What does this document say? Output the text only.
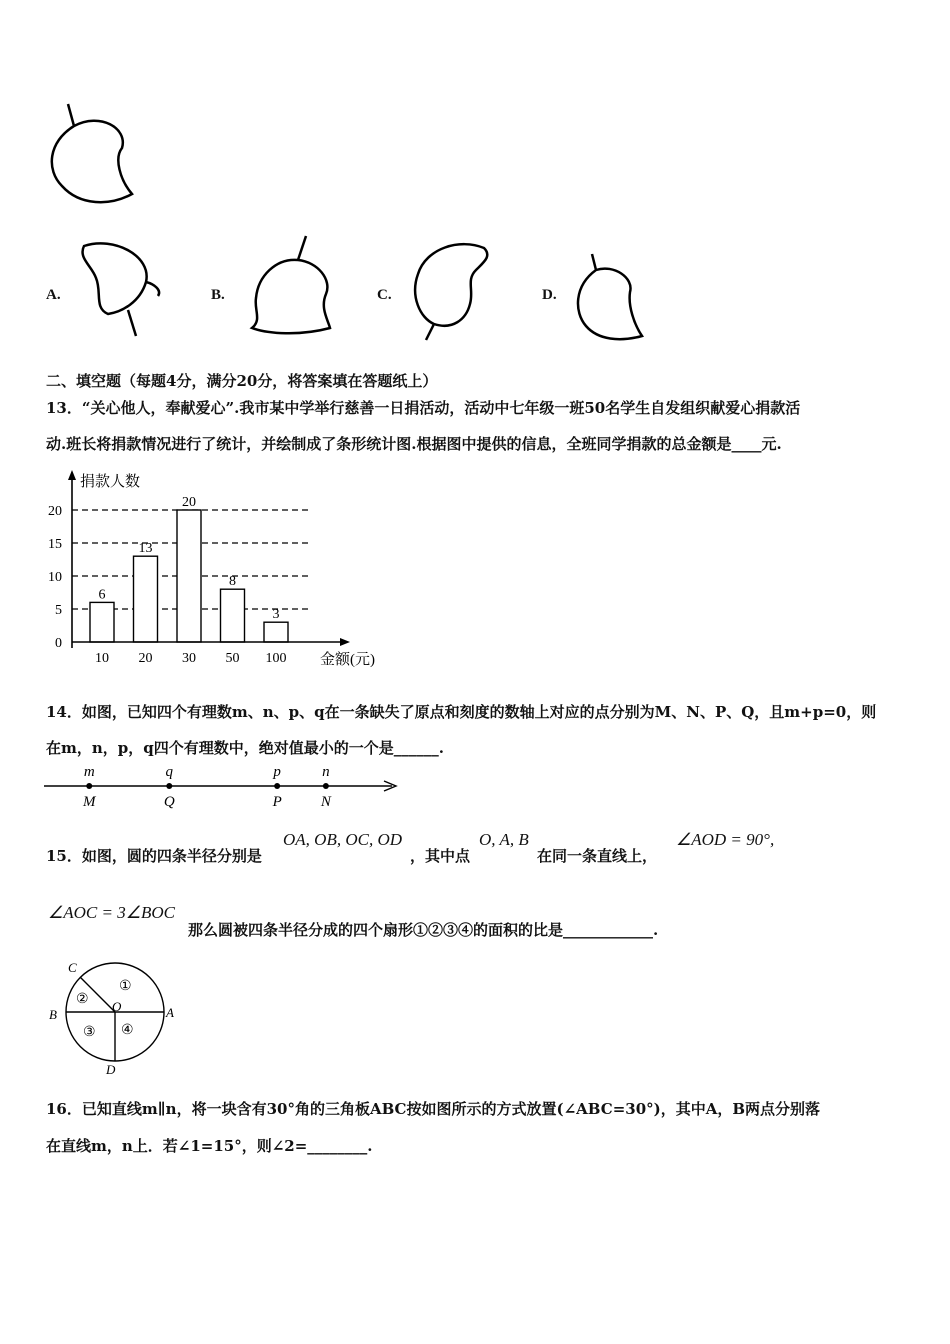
A.	B.	C.	D.
二、填空题（每题4分，满分20分，将答案填在答题纸上）
13．“关心他人，奉献爱心”.我市某中学举行慈善一日捐活动，活动中七年级一班50名学生自发组织献爱心捐款活
动.班长将捐款情况进行了统计，并绘制成了条形统计图.根据图中提供的信息，全班同学捐款的总金额是____元.
捐款人数
金额(元)
0
5
10
15
20
6
10
13
20
20
30
8
50
3
100
14．如图，已知四个有理数m、n、p、q在一条缺失了原点和刻度的数轴上对应的点分别为M、N、P、Q，且m+p=0，则
在m，n，p，q四个有理数中，绝对值最小的一个是______.
m
M
q
Q
p
P
n
N
15．如图，圆的四条半径分别是
OA, OB, OC, OD
，其中点
O, A, B
在同一条直线上，
∠AOD = 90°,
∠AOC = 3∠BOC
那么圆被四条半径分成的四个扇形①②③④的面积的比是____________.
C
B	A
D
O
①
②
③ ④
16．已知直线m∥n，将一块含有30°角的三角板ABC按如图所示的方式放置(∠ABC=30°)，其中A，B两点分别落
在直线m，n上．若∠1=15°，则∠2=________.
